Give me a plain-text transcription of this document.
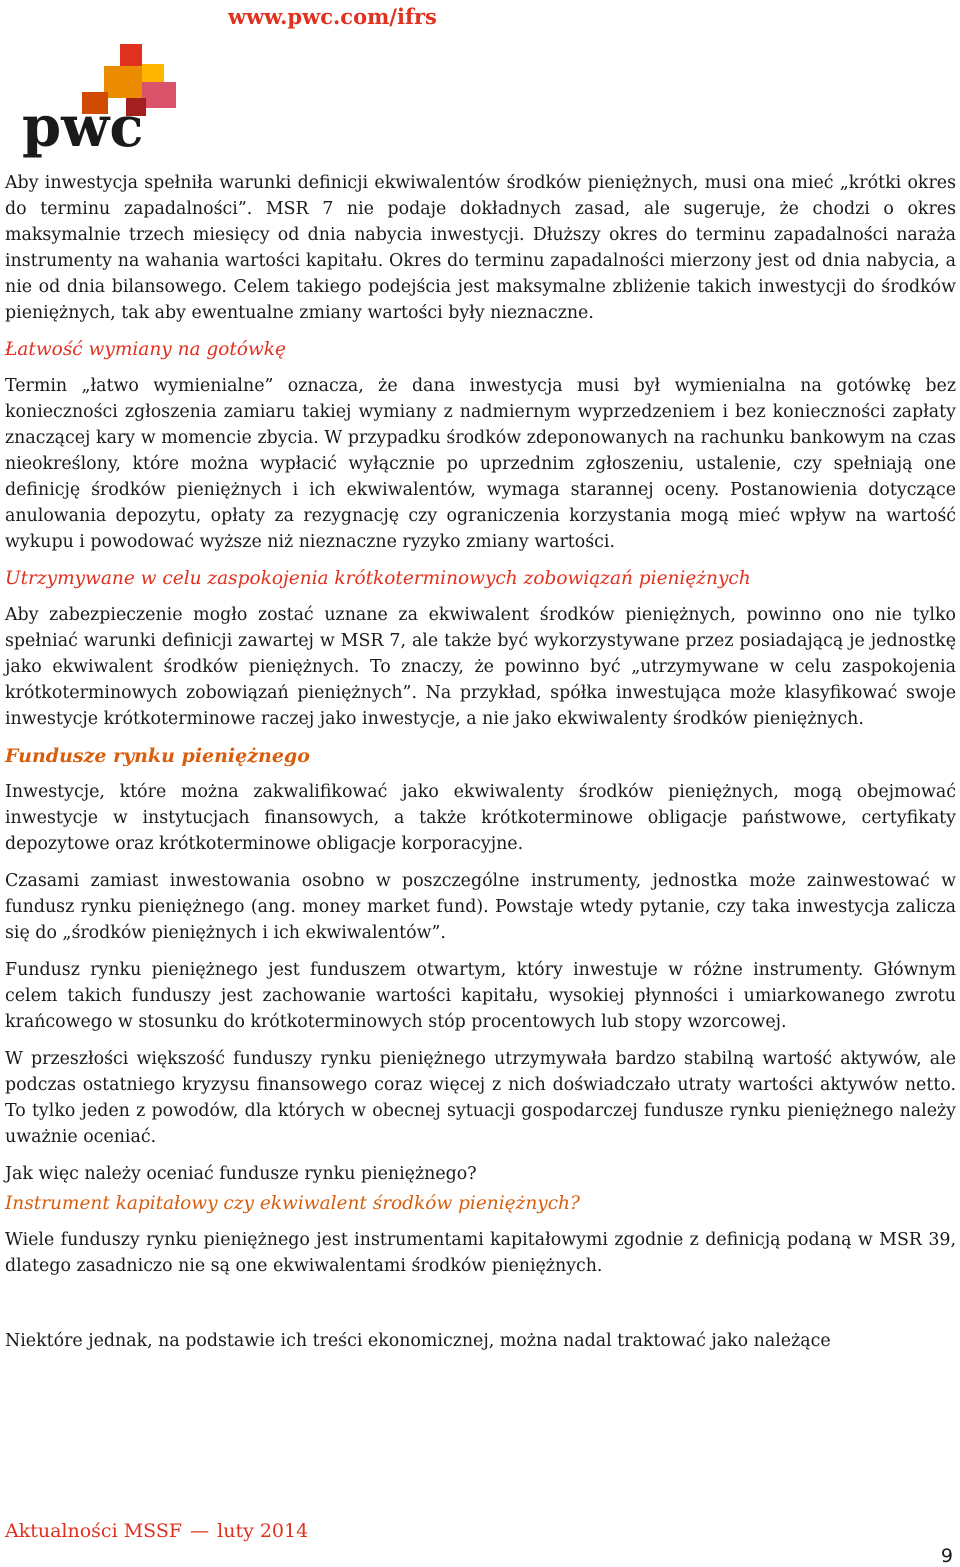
www.pwc.com/ifrs
pwc

Aby inwestycja spełniła warunki definicji ekwiwalentów środków pieniężnych, musi ona mieć „krótki okres do terminu zapadalności”. MSR 7 nie podaje dokładnych zasad, ale sugeruje, że chodzi o okres maksymalnie trzech miesięcy od dnia nabycia inwestycji. Dłuższy okres do terminu zapadalności naraża instrumenty na wahania wartości kapitału. Okres do terminu zapadalności mierzony jest od dnia nabycia, a nie od dnia bilansowego. Celem takiego podejścia jest maksymalne zbliżenie takich inwestycji do środków pieniężnych, tak aby ewentualne zmiany wartości były nieznaczne.

Łatwość wymiany na gotówkę

Termin „łatwo wymienialne” oznacza, że dana inwestycja musi był wymienialna na gotówkę bez konieczności zgłoszenia zamiaru takiej wymiany z nadmiernym wyprzedzeniem i bez konieczności zapłaty znaczącej kary w momencie zbycia. W przypadku środków zdeponowanych na rachunku bankowym na czas nieokreślony, które można wypłacić wyłącznie po uprzednim zgłoszeniu, ustalenie, czy spełniają one definicję środków pieniężnych i ich ekwiwalentów, wymaga starannej oceny. Postanowienia dotyczące anulowania depozytu, opłaty za rezygnację czy ograniczenia korzystania mogą mieć wpływ na wartość wykupu i powodować wyższe niż nieznaczne ryzyko zmiany wartości.

Utrzymywane w celu zaspokojenia krótkoterminowych zobowiązań pieniężnych

Aby zabezpieczenie mogło zostać uznane za ekwiwalent środków pieniężnych, powinno ono nie tylko spełniać warunki definicji zawartej w MSR 7, ale także być wykorzystywane przez posiadającą je jednostkę jako ekwiwalent środków pieniężnych. To znaczy, że powinno być „utrzymywane w celu zaspokojenia krótkoterminowych zobowiązań pieniężnych”. Na przykład, spółka inwestująca może klasyfikować swoje inwestycje krótkoterminowe raczej jako inwestycje, a nie jako ekwiwalenty środków pieniężnych.

Fundusze rynku pieniężnego

Inwestycje, które można zakwalifikować jako ekwiwalenty środków pieniężnych, mogą obejmować inwestycje w instytucjach finansowych, a także krótkoterminowe obligacje państwowe, certyfikaty depozytowe oraz krótkoterminowe obligacje korporacyjne.

Czasami zamiast inwestowania osobno w poszczególne instrumenty, jednostka może zainwestować w fundusz rynku pieniężnego (ang. money market fund). Powstaje wtedy pytanie, czy taka inwestycja zalicza się do „środków pieniężnych i ich ekwiwalentów”.

Fundusz rynku pieniężnego jest funduszem otwartym, który inwestuje w różne instrumenty. Głównym celem takich funduszy jest zachowanie wartości kapitału, wysokiej płynności i umiarkowanego zwrotu krańcowego w stosunku do krótkoterminowych stóp procentowych lub stopy wzorcowej.

W przeszłości większość funduszy rynku pieniężnego utrzymywała bardzo stabilną wartość aktywów, ale podczas ostatniego kryzysu finansowego coraz więcej z nich doświadczało utraty wartości aktywów netto. To tylko jeden z powodów, dla których w obecnej sytuacji gospodarczej fundusze rynku pieniężnego należy uważnie oceniać.

Jak więc należy oceniać fundusze rynku pieniężnego?

Instrument kapitałowy czy ekwiwalent środków pieniężnych?

Wiele funduszy rynku pieniężnego jest instrumentami kapitałowymi zgodnie z definicją podaną w MSR 39, dlatego zasadniczo nie są one ekwiwalentami środków pieniężnych.

Niektóre jednak, na podstawie ich treści ekonomicznej, można nadal traktować jako należące

Aktualności MSSF — luty 2014
9
